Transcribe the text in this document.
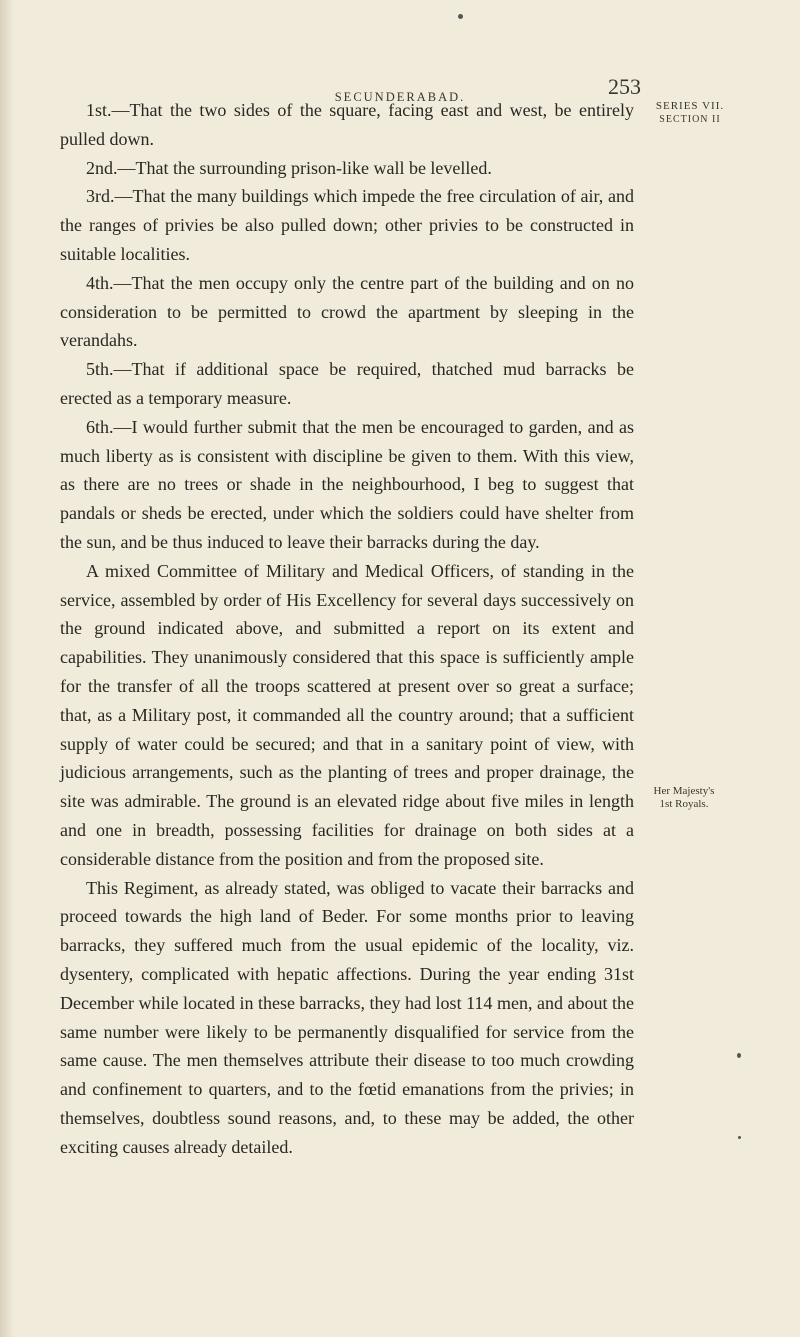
SECUNDERABAD.	253
SERIES VII.
SECTION II

1st.—That the two sides of the square, facing east and west, be entirely pulled down.

2nd.—That the surrounding prison-like wall be levelled.

3rd.—That the many buildings which impede the free circulation of air, and the ranges of privies be also pulled down; other privies to be constructed in suitable localities.

4th.—That the men occupy only the centre part of the building and on no consideration to be permitted to crowd the apartment by sleeping in the verandahs.

5th.—That if additional space be required, thatched mud barracks be erected as a temporary measure.

6th.—I would further submit that the men be encouraged to garden, and as much liberty as is consistent with discipline be given to them. With this view, as there are no trees or shade in the neighbourhood, I beg to suggest that pandals or sheds be erected, under which the soldiers could have shelter from the sun, and be thus induced to leave their barracks during the day.

A mixed Committee of Military and Medical Officers, of standing in the service, assembled by order of His Excellency for several days successively on the ground indicated above, and submitted a report on its extent and capabilities. They unanimously considered that this space is sufficiently ample for the transfer of all the troops scattered at present over so great a surface; that, as a Military post, it commanded all the country around; that a sufficient supply of water could be secured; and that in a sanitary point of view, with judicious arrangements, such as the planting of trees and proper drainage, the site was admirable. The ground is an elevated ridge about five miles in length and one in breadth, possessing facilities for drainage on both sides at a considerable distance from the position and from the proposed site.

This Regiment, as already stated, was obliged to vacate their barracks and proceed towards the high land of Beder. For some months prior to leaving barracks, they suffered much from the usual epidemic of the locality, viz. dysentery, complicated with hepatic affections. During the year ending 31st December while located in these barracks, they had lost 114 men, and about the same number were likely to be permanently disqualified for service from the same cause. The men themselves attribute their disease to too much crowding and confinement to quarters, and to the fœtid emanations from the privies; in themselves, doubtless sound reasons, and, to these may be added, the other exciting causes already detailed.

Her Majesty's
1st Royals.
